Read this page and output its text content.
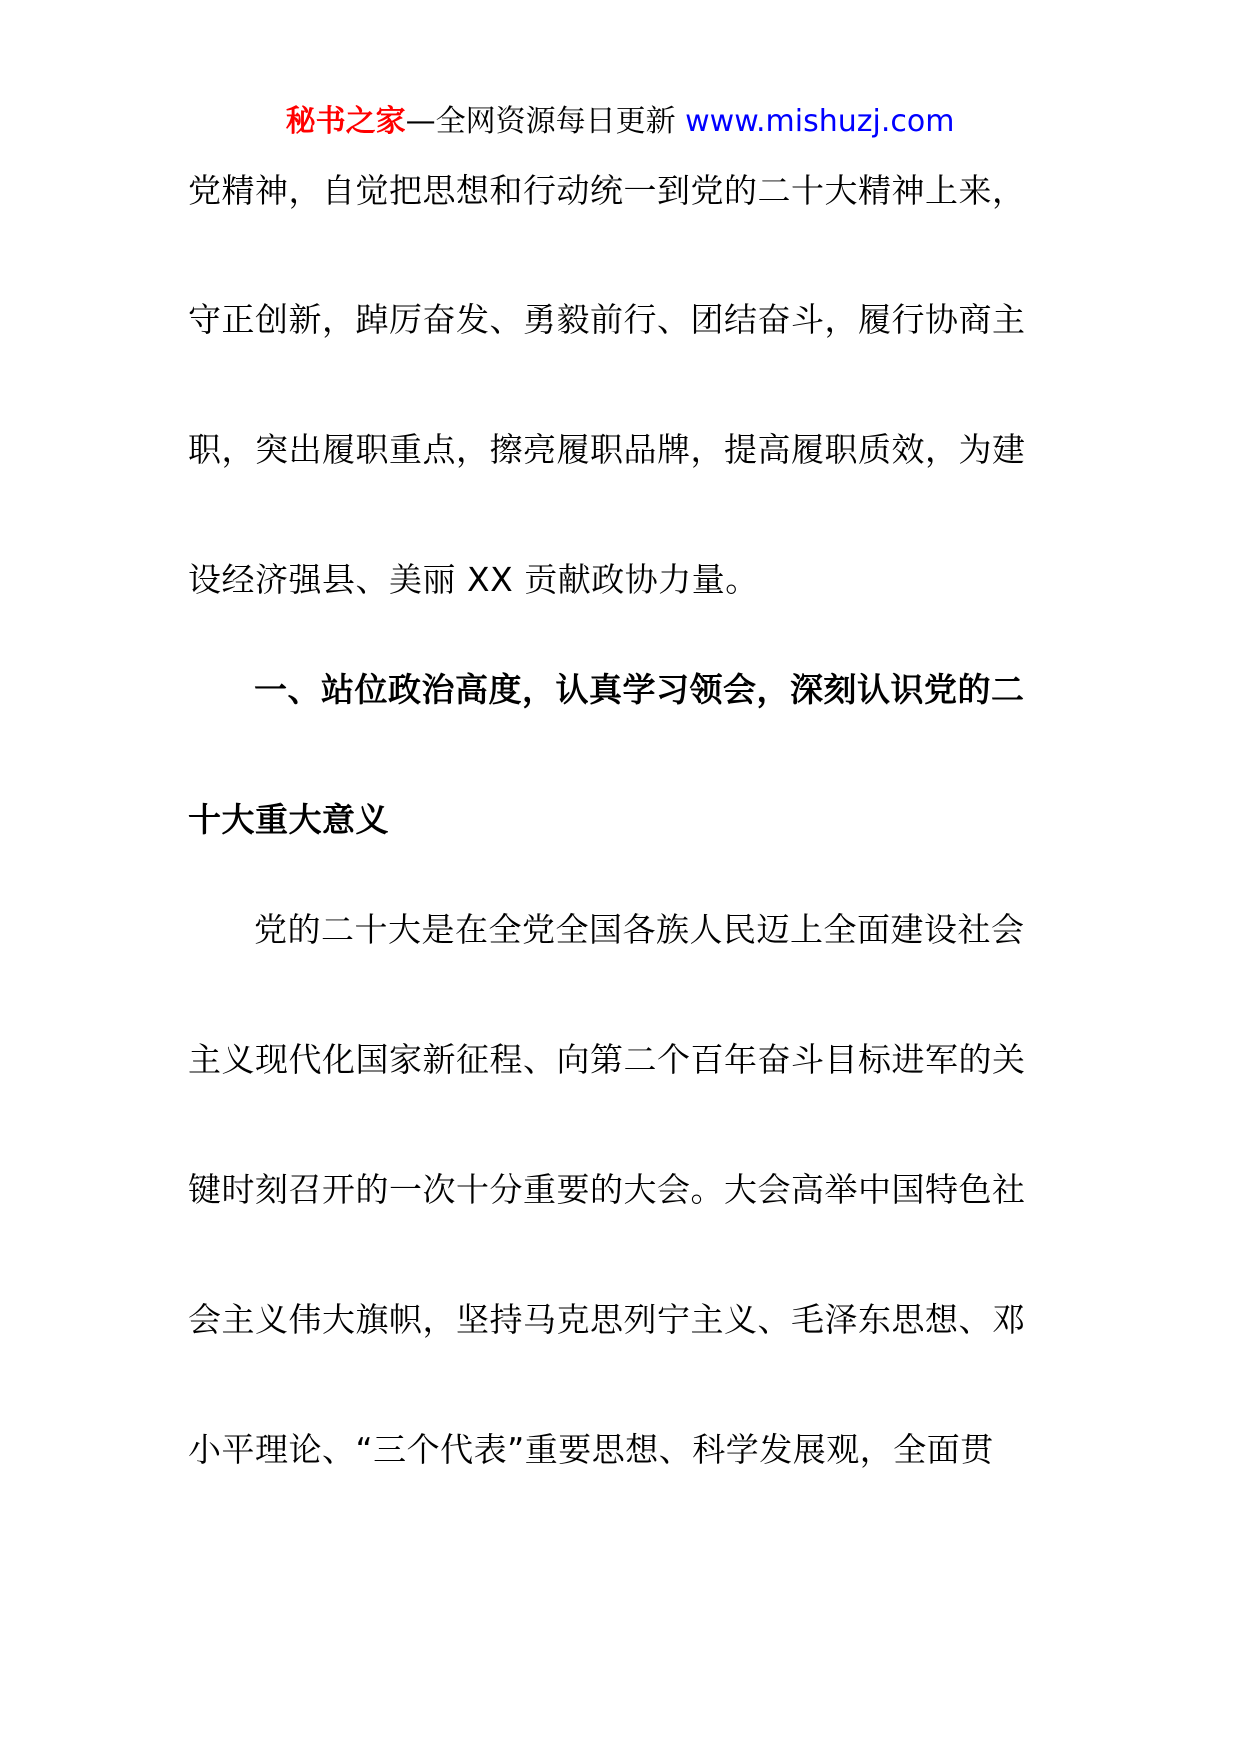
秘书之家—全网资源每日更新 www.mishuzj.com
党精神，自觉把思想和行动统一到党的二十大精神上来，
守正创新，踔厉奋发、勇毅前行、团结奋斗，履行协商主
职，突出履职重点，擦亮履职品牌，提高履职质效，为建
设经济强县、美丽 XX 贡献政协力量。
一、站位政治高度，认真学习领会，深刻认识党的二
十大重大意义
党的二十大是在全党全国各族人民迈上全面建设社会
主义现代化国家新征程、向第二个百年奋斗目标进军的关
键时刻召开的一次十分重要的大会。大会高举中国特色社
会主义伟大旗帜，坚持马克思列宁主义、毛泽东思想、邓
小平理论、“三个代表”重要思想、科学发展观，全面贯
